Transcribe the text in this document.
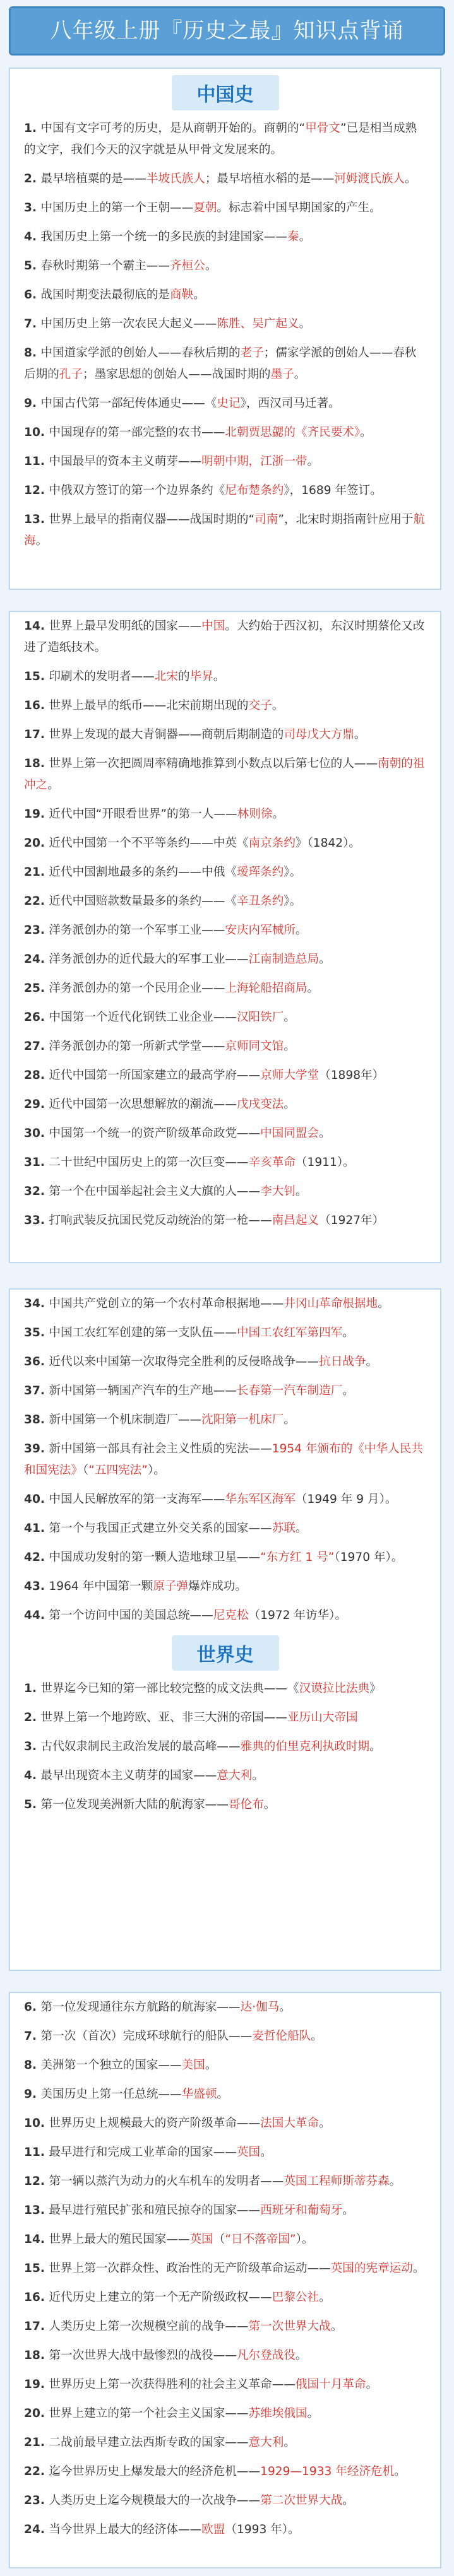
八年级上册『历史之最』知识点背诵
中国史
1. 中国有文字可考的历史，是从商朝开始的。商朝的“甲骨文”已是相当成熟的文字，我们今天的汉字就是从甲骨文发展来的。
2. 最早培植粟的是——半坡氏族人；最早培植水稻的是——河姆渡氏族人。
3. 中国历史上的第一个王朝——夏朝。标志着中国早期国家的产生。
4. 我国历史上第一个统一的多民族的封建国家——秦。
5. 春秋时期第一个霸主——齐桓公。
6. 战国时期变法最彻底的是商鞅。
7. 中国历史上第一次农民大起义——陈胜、吴广起义。
8. 中国道家学派的创始人——春秋后期的老子；儒家学派的创始人——春秋后期的孔子；墨家思想的创始人——战国时期的墨子。
9. 中国古代第一部纪传体通史——《史记》，西汉司马迁著。
10. 中国现存的第一部完整的农书——北朝贾思勰的《齐民要术》。
11. 中国最早的资本主义萌芽——明朝中期，江浙一带。
12. 中俄双方签订的第一个边界条约《尼布楚条约》，1689 年签订。
13. 世界上最早的指南仪器——战国时期的“司南”，北宋时期指南针应用于航海。
14. 世界上最早发明纸的国家——中国。大约始于西汉初，东汉时期蔡伦又改进了造纸技术。
15. 印刷术的发明者——北宋的毕昇。
16. 世界上最早的纸币——北宋前期出现的交子。
17. 世界上发现的最大青铜器——商朝后期制造的司母戊大方鼎。
18. 世界上第一次把圆周率精确地推算到小数点以后第七位的人——南朝的祖冲之。
19. 近代中国“开眼看世界”的第一人——林则徐。
20. 近代中国第一个不平等条约——中英《南京条约》（1842）。
21. 近代中国割地最多的条约——中俄《瑷珲条约》。
22. 近代中国赔款数量最多的条约——《辛丑条约》。
23. 洋务派创办的第一个军事工业——安庆内军械所。
24. 洋务派创办的近代最大的军事工业——江南制造总局。
25. 洋务派创办的第一个民用企业——上海轮船招商局。
26. 中国第一个近代化钢铁工业企业——汉阳铁厂。
27. 洋务派创办的第一所新式学堂——京师同文馆。
28. 近代中国第一所国家建立的最高学府——京师大学堂（1898年）
29. 近代中国第一次思想解放的潮流——戊戌变法。
30. 中国第一个统一的资产阶级革命政党——中国同盟会。
31. 二十世纪中国历史上的第一次巨变——辛亥革命（1911）。
32. 第一个在中国举起社会主义大旗的人——李大钊。
33. 打响武装反抗国民党反动统治的第一枪——南昌起义（1927年）
34. 中国共产党创立的第一个农村革命根据地——井冈山革命根据地。
35. 中国工农红军创建的第一支队伍——中国工农红军第四军。
36. 近代以来中国第一次取得完全胜利的反侵略战争——抗日战争。
37. 新中国第一辆国产汽车的生产地——长春第一汽车制造厂。
38. 新中国第一个机床制造厂——沈阳第一机床厂。
39. 新中国第一部具有社会主义性质的宪法——1954 年颁布的《中华人民共和国宪法》（“五四宪法”）。
40. 中国人民解放军的第一支海军——华东军区海军（1949 年 9 月）。
41. 第一个与我国正式建立外交关系的国家——苏联。
42. 中国成功发射的第一颗人造地球卫星——“东方红 1 号”（1970 年）。
43. 1964 年中国第一颗原子弹爆炸成功。
44. 第一个访问中国的美国总统——尼克松（1972 年访华）。
世界史
1. 世界迄今已知的第一部比较完整的成文法典——《汉谟拉比法典》
2. 世界上第一个地跨欧、亚、非三大洲的帝国——亚历山大帝国
3. 古代奴隶制民主政治发展的最高峰——雅典的伯里克利执政时期。
4. 最早出现资本主义萌芽的国家——意大利。
5. 第一位发现美洲新大陆的航海家——哥伦布。
6. 第一位发现通往东方航路的航海家——达·伽马。
7. 第一次（首次）完成环球航行的船队——麦哲伦船队。
8. 美洲第一个独立的国家——美国。
9. 美国历史上第一任总统——华盛顿。
10. 世界历史上规模最大的资产阶级革命——法国大革命。
11. 最早进行和完成工业革命的国家——英国。
12. 第一辆以蒸汽为动力的火车机车的发明者——英国工程师斯蒂芬森。
13. 最早进行殖民扩张和殖民掠夺的国家——西班牙和葡萄牙。
14. 世界上最大的殖民国家——英国（“日不落帝国”）。
15. 世界上第一次群众性、政治性的无产阶级革命运动——英国的宪章运动。
16. 近代历史上建立的第一个无产阶级政权——巴黎公社。
17. 人类历史上第一次规模空前的战争——第一次世界大战。
18. 第一次世界大战中最惨烈的战役——凡尔登战役。
19. 世界历史上第一次获得胜利的社会主义革命——俄国十月革命。
20. 世界上建立的第一个社会主义国家——苏维埃俄国。
21. 二战前最早建立法西斯专政的国家——意大利。
22. 迄今世界历史上爆发最大的经济危机——1929—1933 年经济危机。
23. 人类历史上迄今规模最大的一次战争——第二次世界大战。
24. 当今世界上最大的经济体——欧盟（1993 年）。
